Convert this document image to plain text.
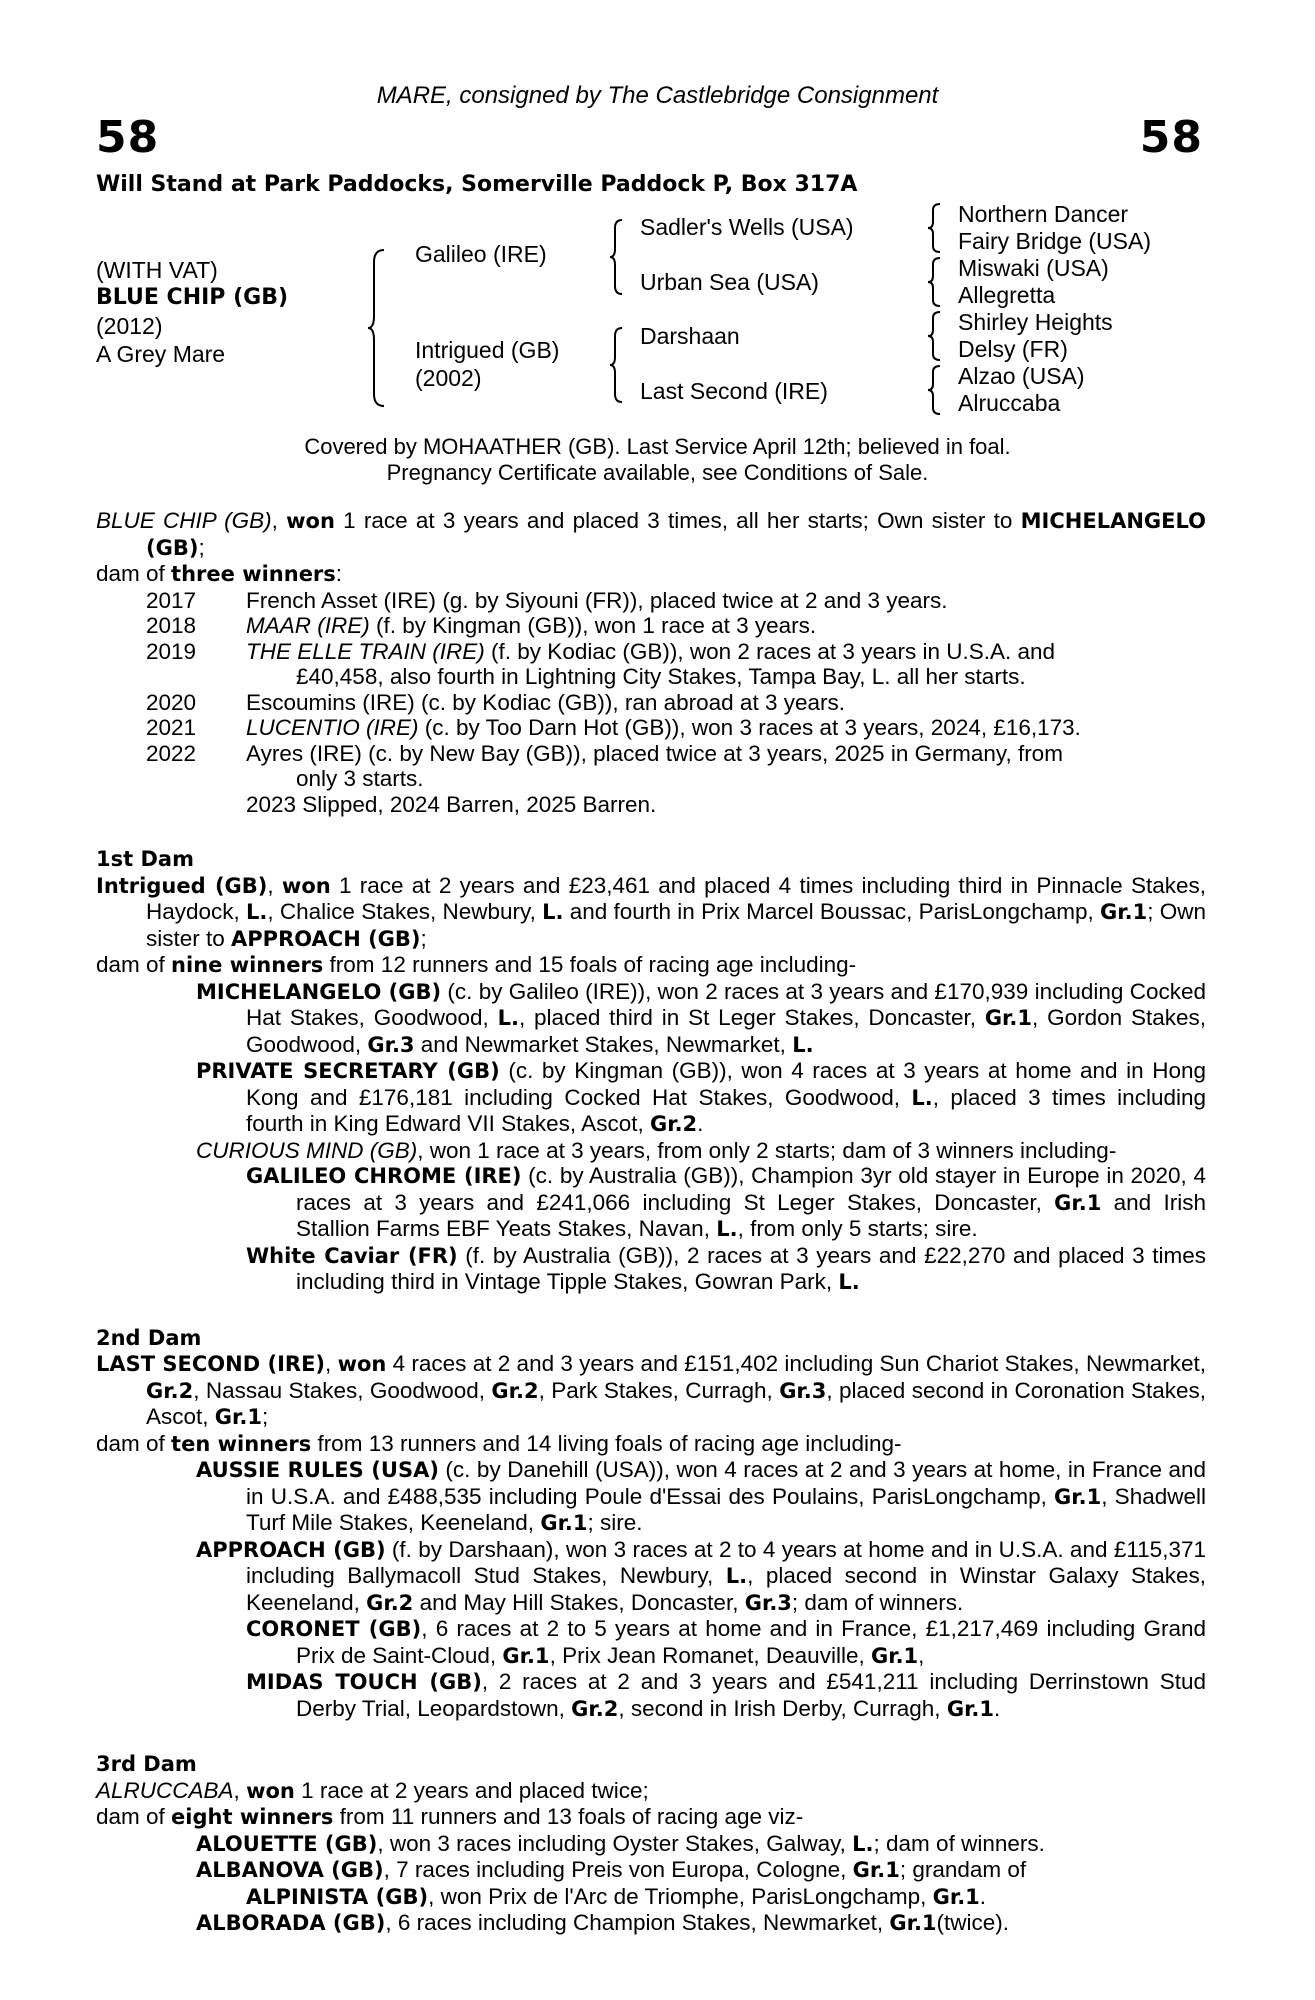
MARE, consigned by The Castlebridge Consignment
58	58
Will Stand at Park Paddocks, Somerville Paddock P, Box 317A
(WITH VAT)
BLUE CHIP (GB)
(2012)
A Grey Mare
Galileo (IRE)
Intrigued (GB)
(2002)
Sadler's Wells (USA)
Urban Sea (USA)
Darshaan
Last Second (IRE)
Northern Dancer
Fairy Bridge (USA)
Miswaki (USA)
Allegretta
Shirley Heights
Delsy (FR)
Alzao (USA)
Alruccaba
Covered by MOHAATHER (GB). Last Service April 12th; believed in foal.
Pregnancy Certificate available, see Conditions of Sale.

BLUE CHIP (GB), won 1 race at 3 years and placed 3 times, all her starts; Own sister to MICHELANGELO (GB);

dam of three winners:

2017	French Asset (IRE) (g. by Siyouni (FR)), placed twice at 2 and 3 years.
2018	MAAR (IRE) (f. by Kingman (GB)), won 1 race at 3 years.
2019	THE ELLE TRAIN (IRE) (f. by Kodiac (GB)), won 2 races at 3 years in U.S.A. and
£40,458, also fourth in Lightning City Stakes, Tampa Bay, L. all her starts.
2020	Escoumins (IRE) (c. by Kodiac (GB)), ran abroad at 3 years.
2021	LUCENTIO (IRE) (c. by Too Darn Hot (GB)), won 3 races at 3 years, 2024, £16,173.
2022	Ayres (IRE) (c. by New Bay (GB)), placed twice at 3 years, 2025 in Germany, from
only 3 starts.
2023 Slipped, 2024 Barren, 2025 Barren.

1st Dam

Intrigued (GB), won 1 race at 2 years and £23,461 and placed 4 times including third in Pinnacle Stakes, Haydock, L., Chalice Stakes, Newbury, L. and fourth in Prix Marcel Boussac, ParisLongchamp, Gr.1; Own sister to APPROACH (GB);

dam of nine winners from 12 runners and 15 foals of racing age including-

MICHELANGELO (GB) (c. by Galileo (IRE)), won 2 races at 3 years and £170,939 including Cocked Hat Stakes, Goodwood, L., placed third in St Leger Stakes, Doncaster, Gr.1, Gordon Stakes, Goodwood, Gr.3 and Newmarket Stakes, Newmarket, L.

PRIVATE SECRETARY (GB) (c. by Kingman (GB)), won 4 races at 3 years at home and in Hong Kong and £176,181 including Cocked Hat Stakes, Goodwood, L., placed 3 times including fourth in King Edward VII Stakes, Ascot, Gr.2.

CURIOUS MIND (GB), won 1 race at 3 years, from only 2 starts; dam of 3 winners including-

GALILEO CHROME (IRE) (c. by Australia (GB)), Champion 3yr old stayer in Europe in 2020, 4 races at 3 years and £241,066 including St Leger Stakes, Doncaster, Gr.1 and Irish Stallion Farms EBF Yeats Stakes, Navan, L., from only 5 starts; sire.

White Caviar (FR) (f. by Australia (GB)), 2 races at 3 years and £22,270 and placed 3 times including third in Vintage Tipple Stakes, Gowran Park, L.

2nd Dam

LAST SECOND (IRE), won 4 races at 2 and 3 years and £151,402 including Sun Chariot Stakes, Newmarket, Gr.2, Nassau Stakes, Goodwood, Gr.2, Park Stakes, Curragh, Gr.3, placed second in Coronation Stakes, Ascot, Gr.1;

dam of ten winners from 13 runners and 14 living foals of racing age including-

AUSSIE RULES (USA) (c. by Danehill (USA)), won 4 races at 2 and 3 years at home, in France and in U.S.A. and £488,535 including Poule d'Essai des Poulains, ParisLongchamp, Gr.1, Shadwell Turf Mile Stakes, Keeneland, Gr.1; sire.

APPROACH (GB) (f. by Darshaan), won 3 races at 2 to 4 years at home and in U.S.A. and £115,371 including Ballymacoll Stud Stakes, Newbury, L., placed second in Winstar Galaxy Stakes, Keeneland, Gr.2 and May Hill Stakes, Doncaster, Gr.3; dam of winners.

CORONET (GB), 6 races at 2 to 5 years at home and in France, £1,217,469 including Grand Prix de Saint-Cloud, Gr.1, Prix Jean Romanet, Deauville, Gr.1,

MIDAS TOUCH (GB), 2 races at 2 and 3 years and £541,211 including Derrinstown Stud Derby Trial, Leopardstown, Gr.2, second in Irish Derby, Curragh, Gr.1.

3rd Dam

ALRUCCABA, won 1 race at 2 years and placed twice;

dam of eight winners from 11 runners and 13 foals of racing age viz-

ALOUETTE (GB), won 3 races including Oyster Stakes, Galway, L.; dam of winners.

ALBANOVA (GB), 7 races including Preis von Europa, Cologne, Gr.1; grandam of

ALPINISTA (GB), won Prix de l'Arc de Triomphe, ParisLongchamp, Gr.1.

ALBORADA (GB), 6 races including Champion Stakes, Newmarket, Gr.1(twice).
